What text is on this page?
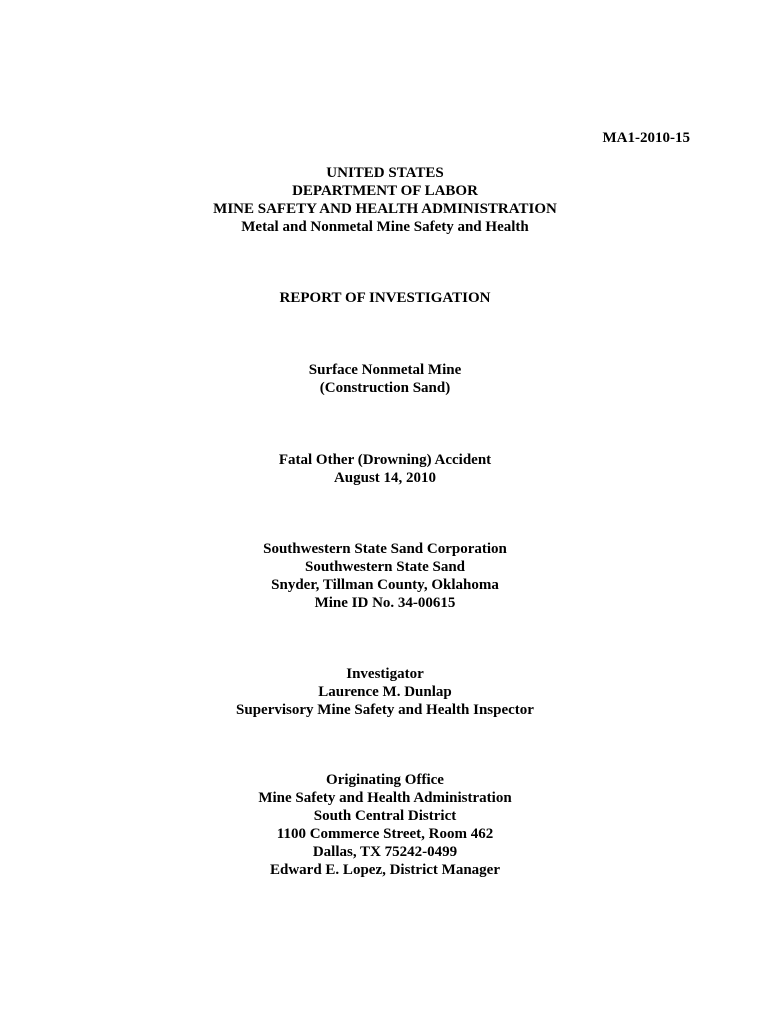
MA1-2010-15
UNITED STATES
DEPARTMENT OF LABOR
MINE SAFETY AND HEALTH ADMINISTRATION
Metal and Nonmetal Mine Safety and Health
REPORT OF INVESTIGATION
Surface Nonmetal Mine
(Construction Sand)
Fatal Other (Drowning) Accident
August 14, 2010
Southwestern State Sand Corporation
Southwestern State Sand
Snyder, Tillman County, Oklahoma
Mine ID No. 34-00615
Investigator
Laurence M. Dunlap
Supervisory Mine Safety and Health Inspector
Originating Office
Mine Safety and Health Administration
South Central District
1100 Commerce Street, Room 462
Dallas, TX 75242-0499
Edward E. Lopez, District Manager
